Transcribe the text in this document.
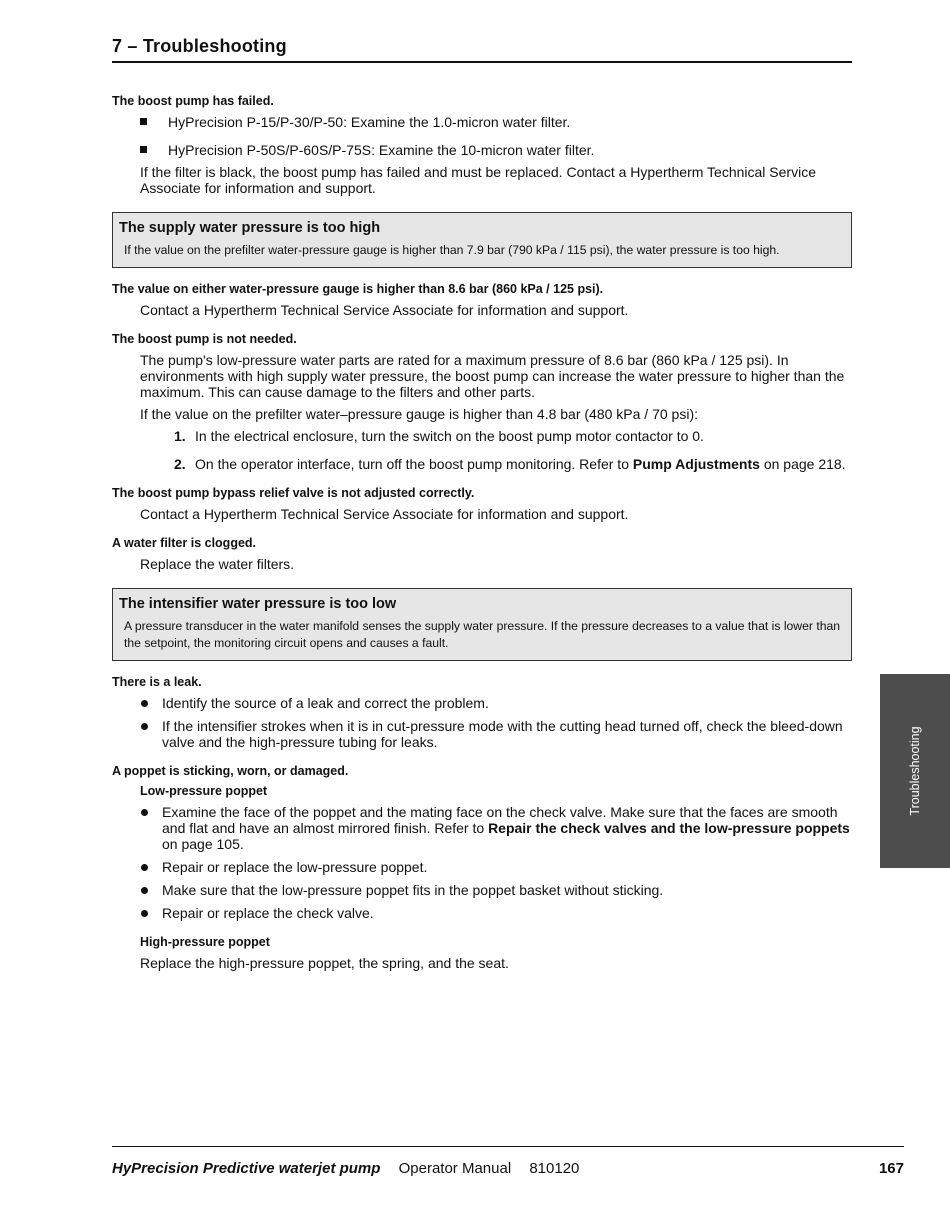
7 – Troubleshooting
The boost pump has failed.
HyPrecision P-15/P-30/P-50: Examine the 1.0-micron water filter.
HyPrecision P-50S/P-60S/P-75S: Examine the 10-micron water filter.

If the filter is black, the boost pump has failed and must be replaced. Contact a Hypertherm Technical Service Associate for information and support.

The supply water pressure is too high
If the value on the prefilter water-pressure gauge is higher than 7.9 bar (790 kPa / 115 psi), the water pressure is too high.
The value on either water-pressure gauge is higher than 8.6 bar (860 kPa / 125 psi).

Contact a Hypertherm Technical Service Associate for information and support.

The boost pump is not needed.

The pump's low-pressure water parts are rated for a maximum pressure of 8.6 bar (860 kPa / 125 psi). In environments with high supply water pressure, the boost pump can increase the water pressure to higher than the maximum. This can cause damage to the filters and other parts.

If the value on the prefilter water–pressure gauge is higher than 4.8 bar (480 kPa / 70 psi):

1. In the electrical enclosure, turn the switch on the boost pump motor contactor to 0.
2. On the operator interface, turn off the boost pump monitoring. Refer to Pump Adjustments on page 218.
The boost pump bypass relief valve is not adjusted correctly.

Contact a Hypertherm Technical Service Associate for information and support.

A water filter is clogged.

Replace the water filters.

The intensifier water pressure is too low
A pressure transducer in the water manifold senses the supply water pressure. If the pressure decreases to a value that is lower than the setpoint, the monitoring circuit opens and causes a fault.
There is a leak.
Identify the source of a leak and correct the problem.
If the intensifier strokes when it is in cut-pressure mode with the cutting head turned off, check the bleed-down valve and the high-pressure tubing for leaks.
A poppet is sticking, worn, or damaged.
Low-pressure poppet
Examine the face of the poppet and the mating face on the check valve. Make sure that the faces are smooth and flat and have an almost mirrored finish. Refer to Repair the check valves and the low-pressure poppets on page 105.
Repair or replace the low-pressure poppet.
Make sure that the low-pressure poppet fits in the poppet basket without sticking.
Repair or replace the check valve.
High-pressure poppet

Replace the high-pressure poppet, the spring, and the seat.

Troubleshooting
HyPrecision Predictive waterjet pump Operator Manual 810120	167
